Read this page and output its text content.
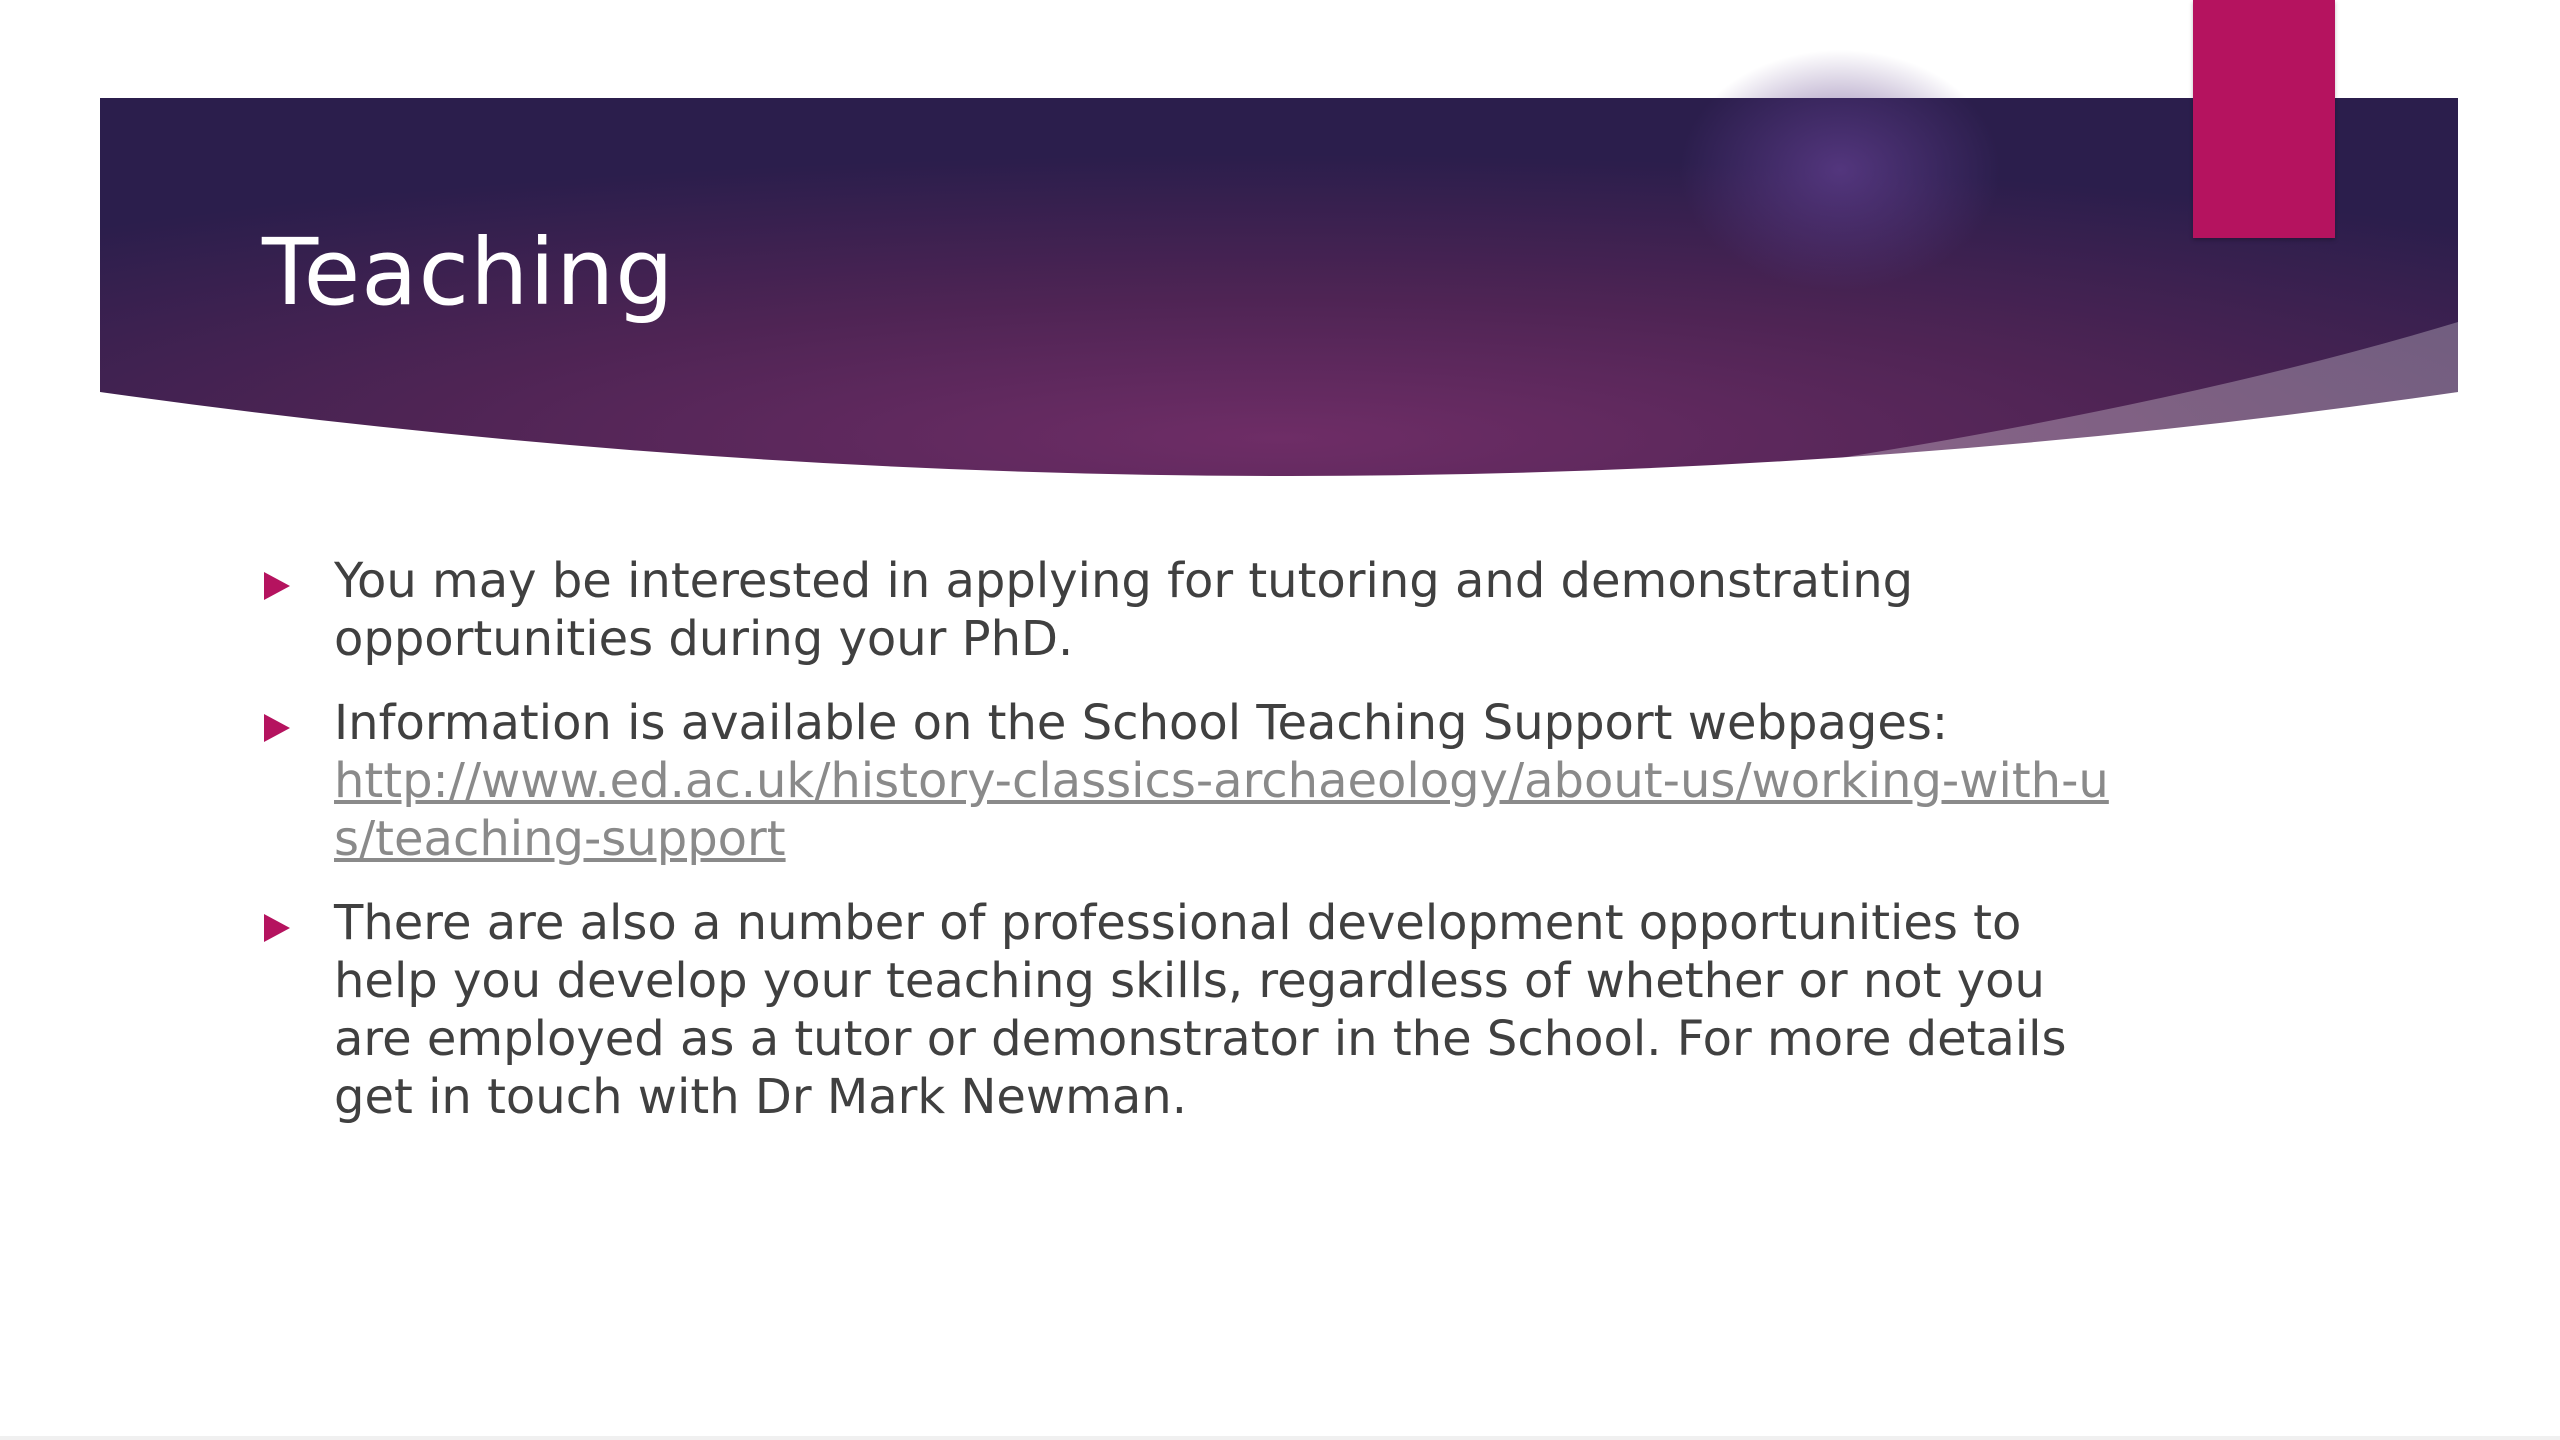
Teaching
You may be interested in applying for tutoring and demonstrating opportunities during your PhD.
Information is available on the School Teaching Support webpages:
http://www.ed.ac.uk/history-classics-archaeology/about-us/working-with-us/teaching-support
There are also a number of professional development opportunities to help you develop your teaching skills, regardless of whether or not you are employed as a tutor or demonstrator in the School. For more details get in touch with Dr Mark Newman.
